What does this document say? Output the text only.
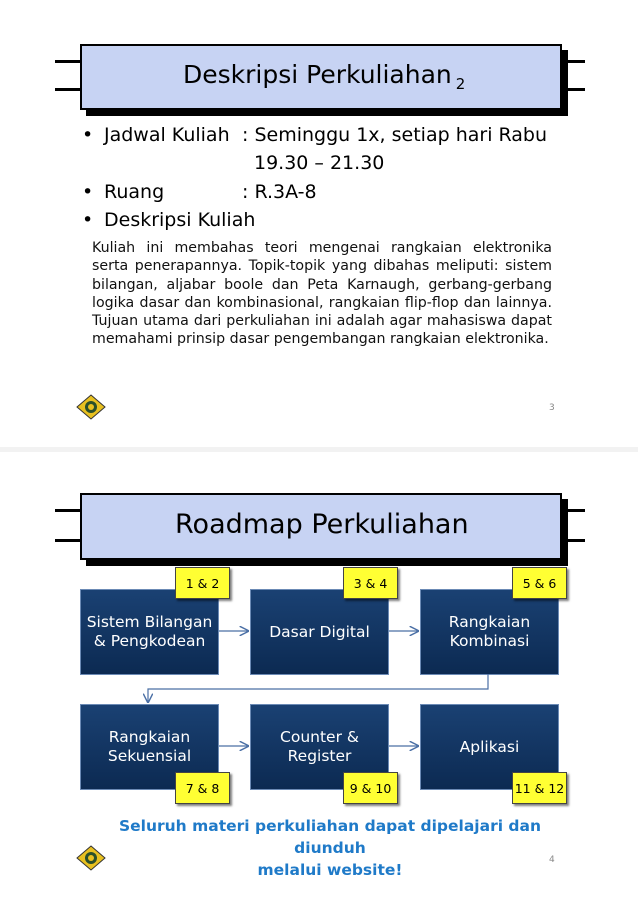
Deskripsi Perkuliahan $_2$
• Jadwal Kuliah : Seminggu 1x, setiap hari Rabu
19.30 – 21.30
• Ruang	: R.3A-8
• Deskripsi Kuliah
Kuliah ini membahas teori mengenai rangkaian elektronika serta penerapannya. Topik-topik yang dibahas meliputi: sistem bilangan, aljabar boole dan Peta Karnaugh, gerbang-gerbang logika dasar dan kombinasional, rangkaian flip-flop dan lainnya. Tujuan utama dari perkuliahan ini adalah agar mahasiswa dapat memahami prinsip dasar pengembangan rangkaian elektronika.
3
Roadmap Perkuliahan
Sistem Bilangan
& Pengkodean
Dasar Digital
Rangkaian
Kombinasi
Rangkaian
Sekuensial
Counter &
Register
Aplikasi
1 & 2	3 & 4	5 & 6
7 & 8	9 & 10	11 & 12
Seluruh materi perkuliahan dapat dipelajari dan diunduh
melalui website!
4
